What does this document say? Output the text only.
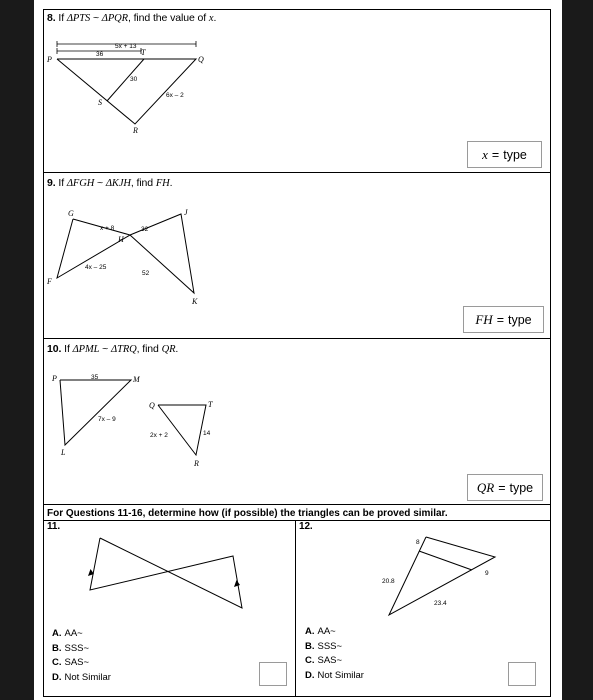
8. If ΔPTS ~ ΔPQR, find the value of x.
P
T
Q
S
R
36
5x + 13
30
6x – 2
x = type
9. If ΔFGH ~ ΔKJH, find FH.
G	J
H
F
K
x + 8	32
4x – 25
52
FH = type
10. If ΔPML ~ ΔTRQ, find QR.
P	M
L
Q	T
R
35
7x – 9
2x + 2	14
QR = type
For Questions 11-16, determine how (if possible) the triangles can be proved similar.
11.
A. AA~
B. SSS~
C. SAS~
D. Not Similar
12.
8
9
20.8
23.4
A. AA~
B. SSS~
C. SAS~
D. Not Similar
